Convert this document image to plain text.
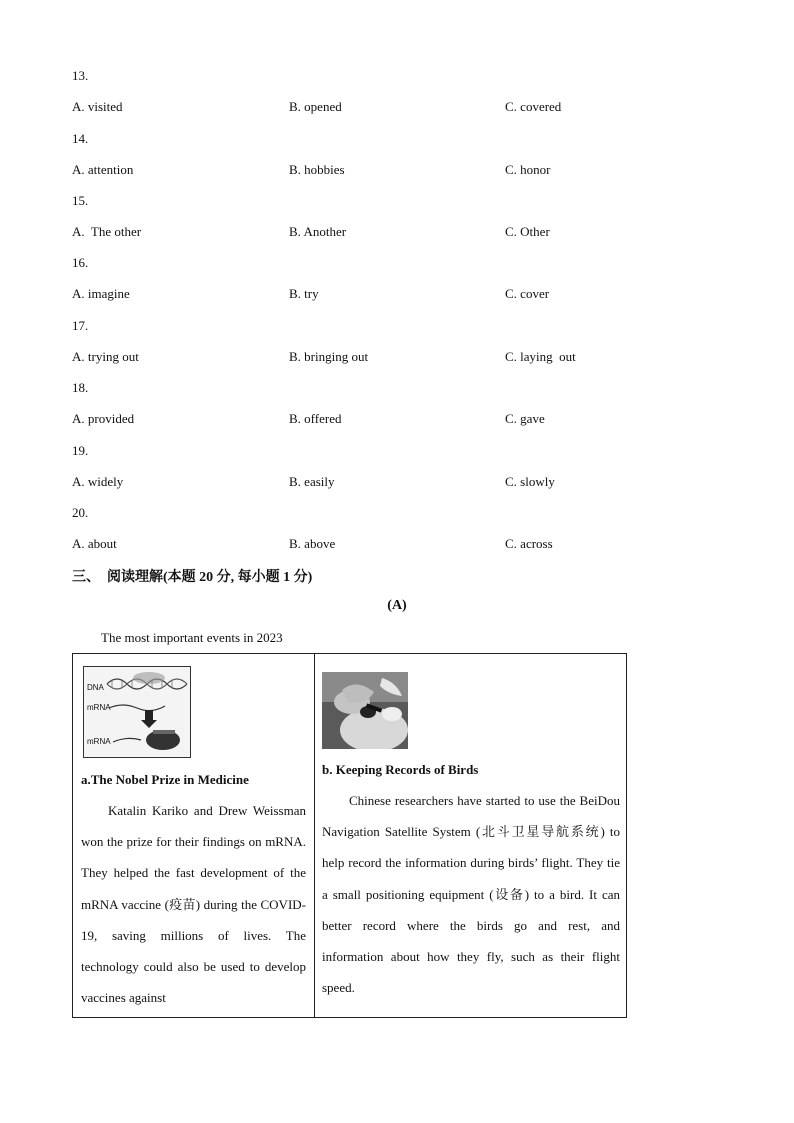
13.
A. visited	B. opened	C. covered
14.
A. attention	B. hobbies	C. honor
15.
A.  The other	B. Another	C. Other
16.
A. imagine	B. try	C. cover
17.
A. trying out	B. bringing out	C. laying  out
18.
A. provided	B. offered	C. gave
19.
A. widely	B. easily	C. slowly
20.
A. about	B. above	C. across
三、  阅读理解(本题 20 分, 每小题 1 分)
(A)
The most important events in 2023
DNA
mRNA
mRNA
a.The Nobel Prize in Medicine
Katalin Kariko and Drew Weissman won the prize for their findings on mRNA. They helped the fast development of the mRNA vaccine (疫苗) during the COVID-19, saving millions of lives. The technology could also be used to develop vaccines against
b. Keeping Records of Birds
Chinese researchers have started to use the BeiDou Navigation Satellite System (北斗卫星导航系统) to help record the information during birds’ flight. They tie a small positioning equipment (设备) to a bird. It can better record where the birds go and rest, and information about how they fly, such as their flight speed.
